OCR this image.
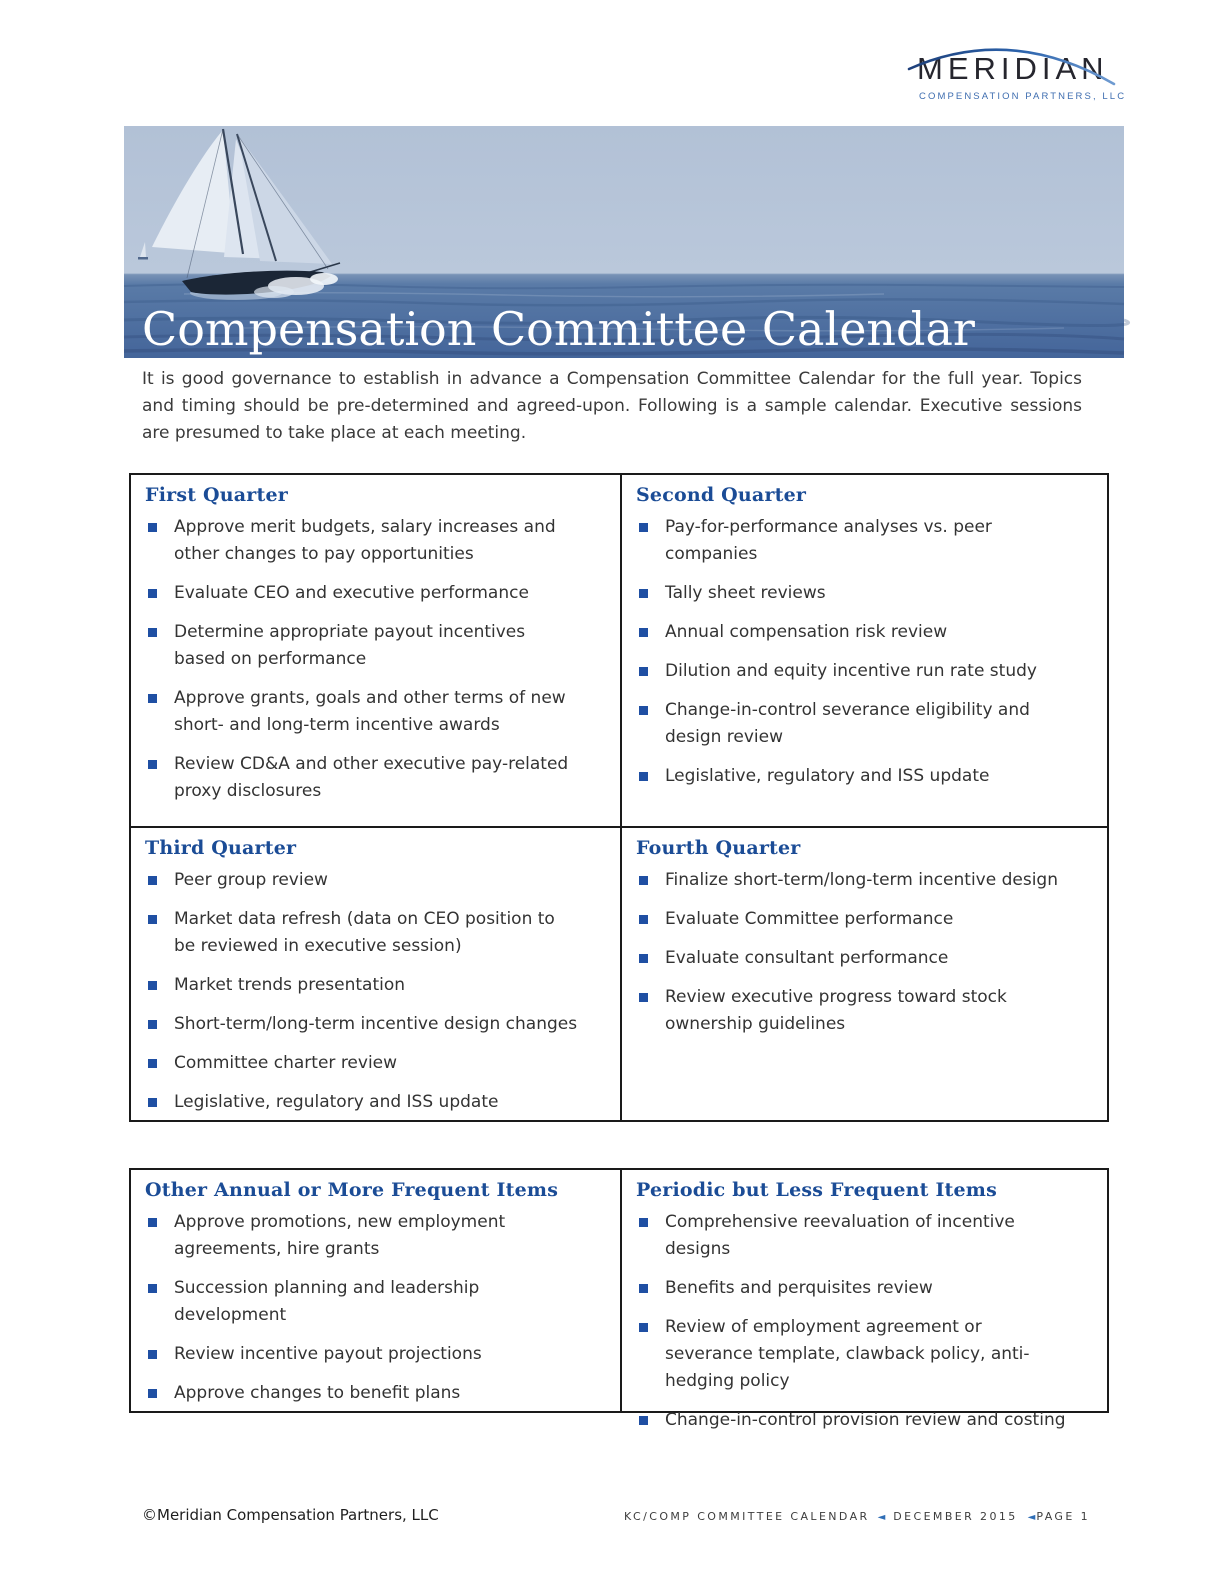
MERIDIAN
COMPENSATION PARTNERS, LLC
Compensation Committee Calendar

It is good governance to establish in advance a Compensation Committee Calendar for the full year. Topics and timing should be pre-determined and agreed-upon. Following is a sample calendar. Executive sessions are presumed to take place at each meeting.

First Quarter
Approve merit budgets, salary increases and other changes to pay opportunities
Evaluate CEO and executive performance
Determine appropriate payout incentives based on performance
Approve grants, goals and other terms of new short- and long-term incentive awards
Review CD&A and other executive pay-related proxy disclosures
Second Quarter
Pay-for-performance analyses vs. peer companies
Tally sheet reviews
Annual compensation risk review
Dilution and equity incentive run rate study
Change-in-control severance eligibility and design review
Legislative, regulatory and ISS update
Third Quarter
Peer group review
Market data refresh (data on CEO position to be reviewed in executive session)
Market trends presentation
Short-term/long-term incentive design changes
Committee charter review
Legislative, regulatory and ISS update
Fourth Quarter
Finalize short-term/long-term incentive design
Evaluate Committee performance
Evaluate consultant performance
Review executive progress toward stock ownership guidelines
Other Annual or More Frequent Items
Approve promotions, new employment agreements, hire grants
Succession planning and leadership development
Review incentive payout projections
Approve changes to benefit plans
Periodic but Less Frequent Items
Comprehensive reevaluation of incentive designs
Benefits and perquisites review
Review of employment agreement or severance template, clawback policy, anti-hedging policy
Change-in-control provision review and costing
©Meridian Compensation Partners, LLC	KC/COMP COMMITTEE CALENDAR ◄ DECEMBER 2015 ◄PAGE 1
